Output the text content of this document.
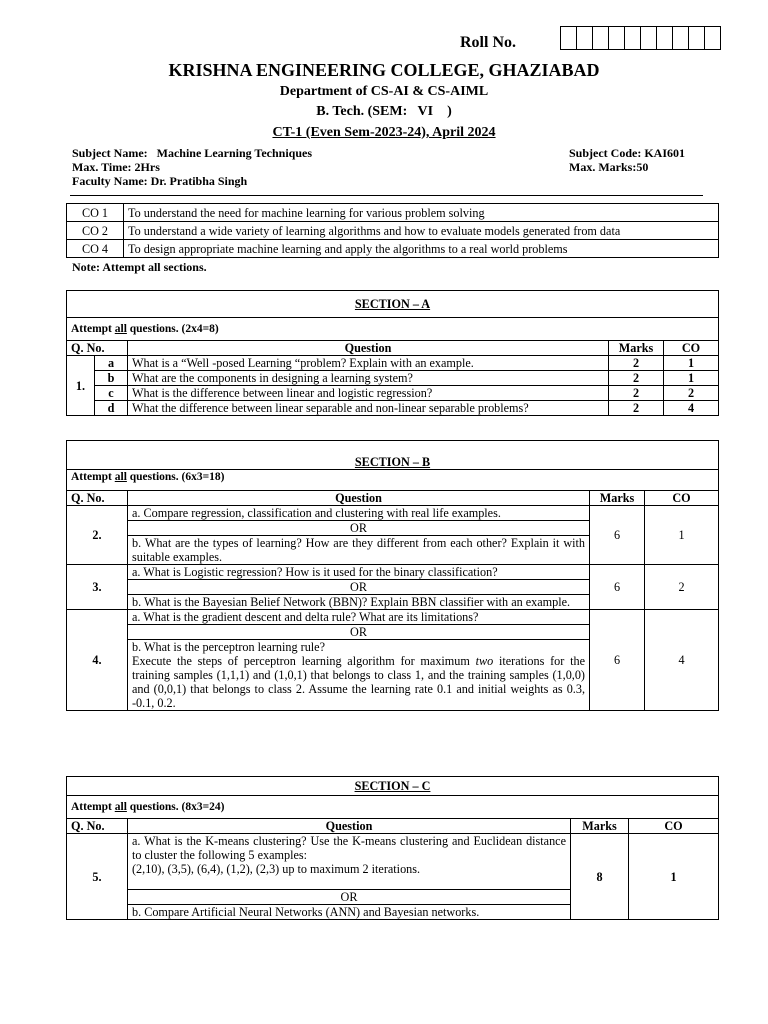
Roll No.
KRISHNA ENGINEERING COLLEGE, GHAZIABAD
Department of CS-AI & CS-AIML
B. Tech. (SEM:   VI    )
CT-1 (Even Sem-2023-24), April 2024
Subject Name:   Machine Learning Techniques
Max. Time: 2Hrs
Faculty Name: Dr. Pratibha Singh
Subject Code: KAI601
Max. Marks:50
CO 1	To understand the need for machine learning for various problem solving
CO 2	To understand a wide variety of learning algorithms and how to evaluate models generated from data
CO 4	To design appropriate machine learning and apply the algorithms to a real world problems
Note: Attempt all sections.
SECTION – A				
Attempt all questions. (2x4=8)				
Q. No.		Question	Marks	CO
1.	a	What is a “Well -posed Learning “problem? Explain with an example.	2	1
	b	What are the components in designing a learning system?	2	1
	c	What is the difference between linear and logistic regression?	2	2
	d	What the difference between linear separable and non-linear separable problems?	2	4
SECTION – B			
Attempt all questions. (6x3=18)			
Q. No.	Question	Marks	CO
2.	a. Compare regression, classification and clustering with real life examples.	6	1
	OR		
	b. What are the types of learning? How are they different from each other? Explain it with suitable examples.		
3.	a. What is Logistic regression? How is it used for the binary classification?	6	2
	OR		
	b. What is the Bayesian Belief Network (BBN)? Explain BBN classifier with an example.		
4.	a. What is the gradient descent and delta rule? What are its limitations?	6	4
	OR		

	b. What is the perceptron learning rule?
Execute the steps of perceptron learning algorithm for maximum two iterations for the training samples (1,1,1) and (1,0,1) that belongs to class 1, and the training samples (1,0,0) and (0,0,1) that belongs to class 2. Assume the learning rate 0.1 and initial weights as 0.3, -0.1, 0.2.		
SECTION – C			
Attempt all questions. (8x3=24)			
Q. No.	Question	Marks	CO
5.	a. What is the K-means clustering? Use the K-means clustering and Euclidean distance to cluster the following 5 examples:
(2,10), (3,5), (6,4), (1,2), (2,3) up to maximum 2 iterations.	8	1
	OR		
	b. Compare Artificial Neural Networks (ANN) and Bayesian networks.		
